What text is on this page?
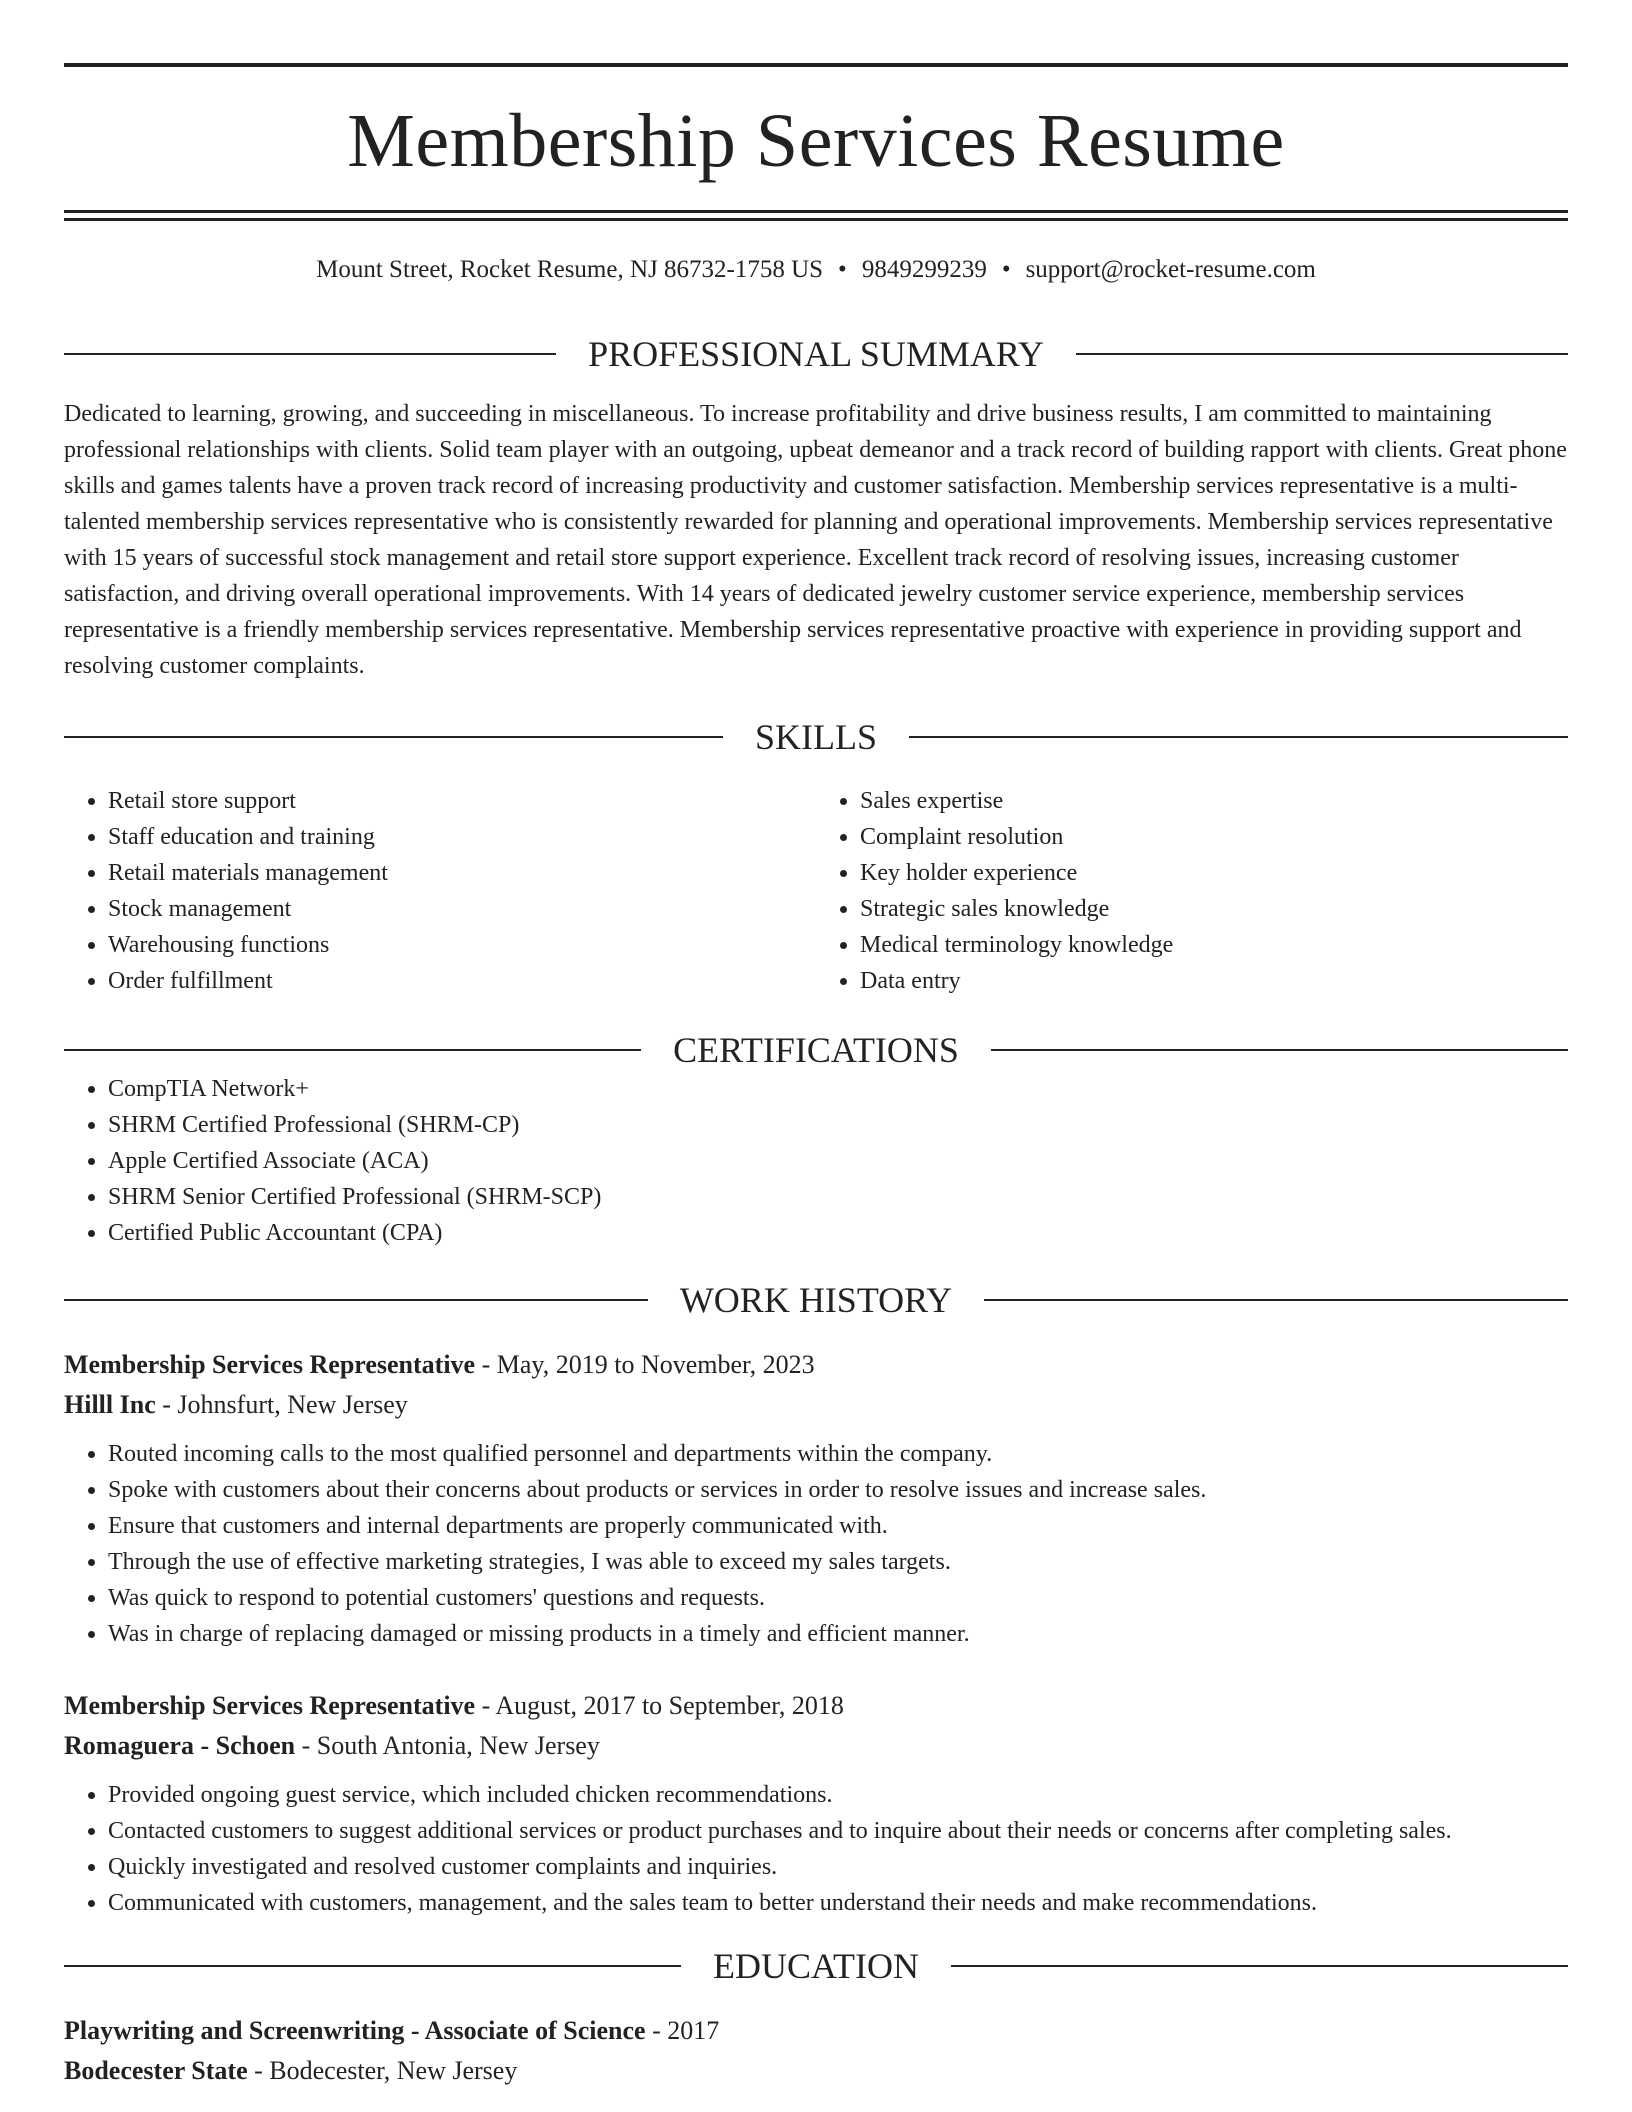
Membership Services Resume
Mount Street, Rocket Resume, NJ 86732-1758 US • 9849299239 • support@rocket-resume.com
PROFESSIONAL SUMMARY

Dedicated to learning, growing, and succeeding in miscellaneous. To increase profitability and drive business results, I am committed to maintaining professional relationships with clients. Solid team player with an outgoing, upbeat demeanor and a track record of building rapport with clients. Great phone skills and games talents have a proven track record of increasing productivity and customer satisfaction. Membership services representative is a multi-talented membership services representative who is consistently rewarded for planning and operational improvements. Membership services representative with 15 years of successful stock management and retail store support experience. Excellent track record of resolving issues, increasing customer satisfaction, and driving overall operational improvements. With 14 years of dedicated jewelry customer service experience, membership services representative is a friendly membership services representative. Membership services representative proactive with experience in providing support and resolving customer complaints.

SKILLS
• Retail store support
• Staff education and training
• Retail materials management
• Stock management
• Warehousing functions
• Order fulfillment
• Sales expertise
• Complaint resolution
• Key holder experience
• Strategic sales knowledge
• Medical terminology knowledge
• Data entry
CERTIFICATIONS
• CompTIA Network+
• SHRM Certified Professional (SHRM-CP)
• Apple Certified Associate (ACA)
• SHRM Senior Certified Professional (SHRM-SCP)
• Certified Public Accountant (CPA)
WORK HISTORY
Membership Services Representative - May, 2019 to November, 2023
Hilll Inc - Johnsfurt, New Jersey
• Routed incoming calls to the most qualified personnel and departments within the company.
• Spoke with customers about their concerns about products or services in order to resolve issues and increase sales.
• Ensure that customers and internal departments are properly communicated with.
• Through the use of effective marketing strategies, I was able to exceed my sales targets.
• Was quick to respond to potential customers' questions and requests.
• Was in charge of replacing damaged or missing products in a timely and efficient manner.
Membership Services Representative - August, 2017 to September, 2018
Romaguera - Schoen - South Antonia, New Jersey
• Provided ongoing guest service, which included chicken recommendations.
• Contacted customers to suggest additional services or product purchases and to inquire about their needs or concerns after completing sales.
• Quickly investigated and resolved customer complaints and inquiries.
• Communicated with customers, management, and the sales team to better understand their needs and make recommendations.
EDUCATION
Playwriting and Screenwriting - Associate of Science - 2017
Bodecester State - Bodecester, New Jersey
